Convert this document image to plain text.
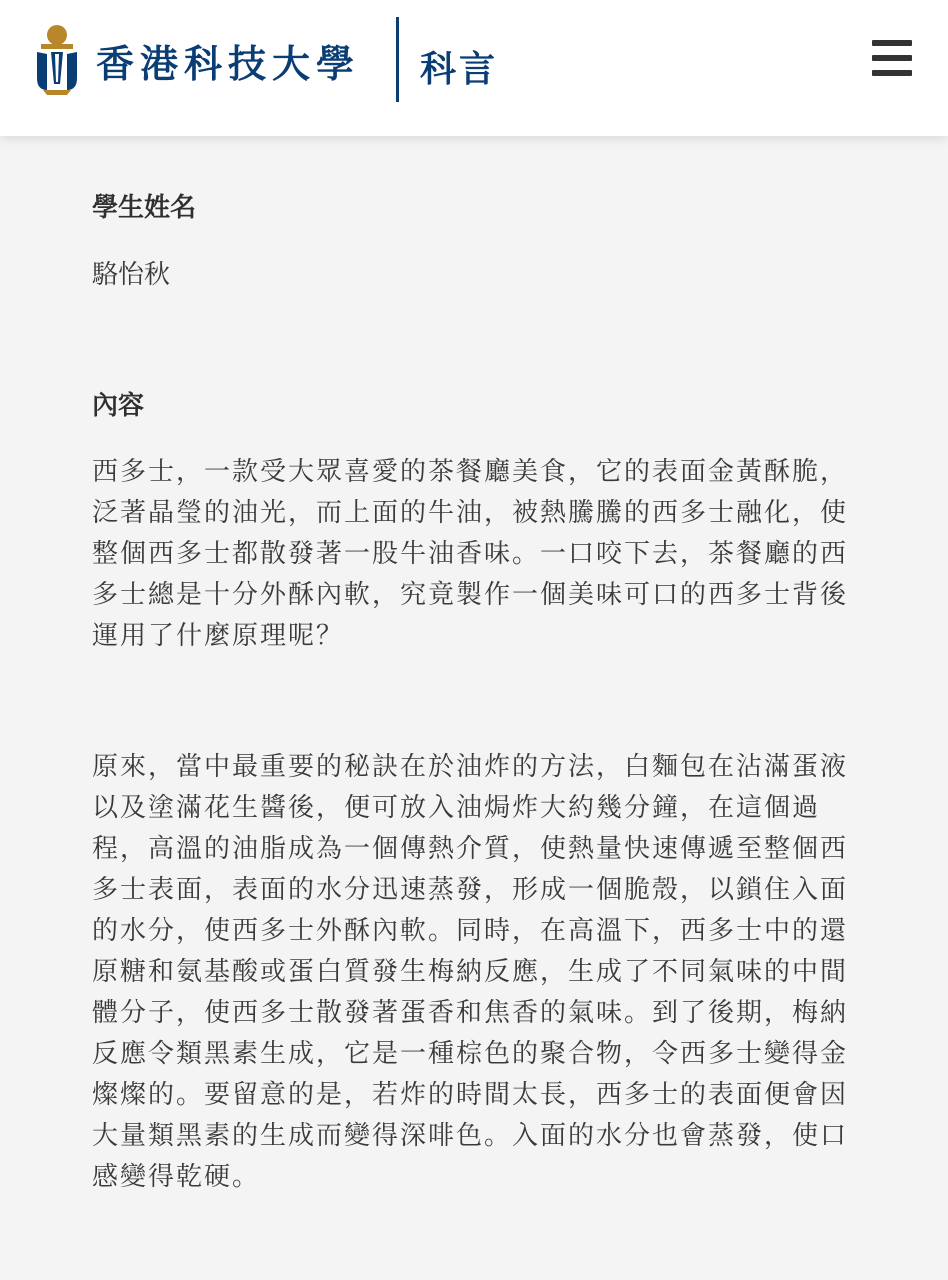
香港科技大學 科言
學生姓名
駱怡秋
內容
西多士，一款受大眾喜愛的茶餐廳美食，它的表面金黃酥脆，泛著晶瑩的油光，而上面的牛油，被熱騰騰的西多士融化，使整個西多士都散發著一股牛油香味。一口咬下去，茶餐廳的西多士總是十分外酥內軟，究竟製作一個美味可口的西多士背後運用了什麼原理呢？
原來，當中最重要的秘訣在於油炸的方法，白麵包在沾滿蛋液以及塗滿花生醬後，便可放入油焗炸大約幾分鐘，在這個過程，高溫的油脂成為一個傳熱介質，使熱量快速傳遞至整個西多士表面，表面的水分迅速蒸發，形成一個脆殼，以鎖住入面的水分，使西多士外酥內軟。同時，在高溫下，西多士中的還原糖和氨基酸或蛋白質發生梅納反應，生成了不同氣味的中間體分子，使西多士散發著蛋香和焦香的氣味。到了後期，梅納反應令類黑素生成，它是一種棕色的聚合物，令西多士變得金燦燦的。要留意的是，若炸的時間太長，西多士的表面便會因大量類黑素的生成而變得深啡色。入面的水分也會蒸發，使口感變得乾硬。
